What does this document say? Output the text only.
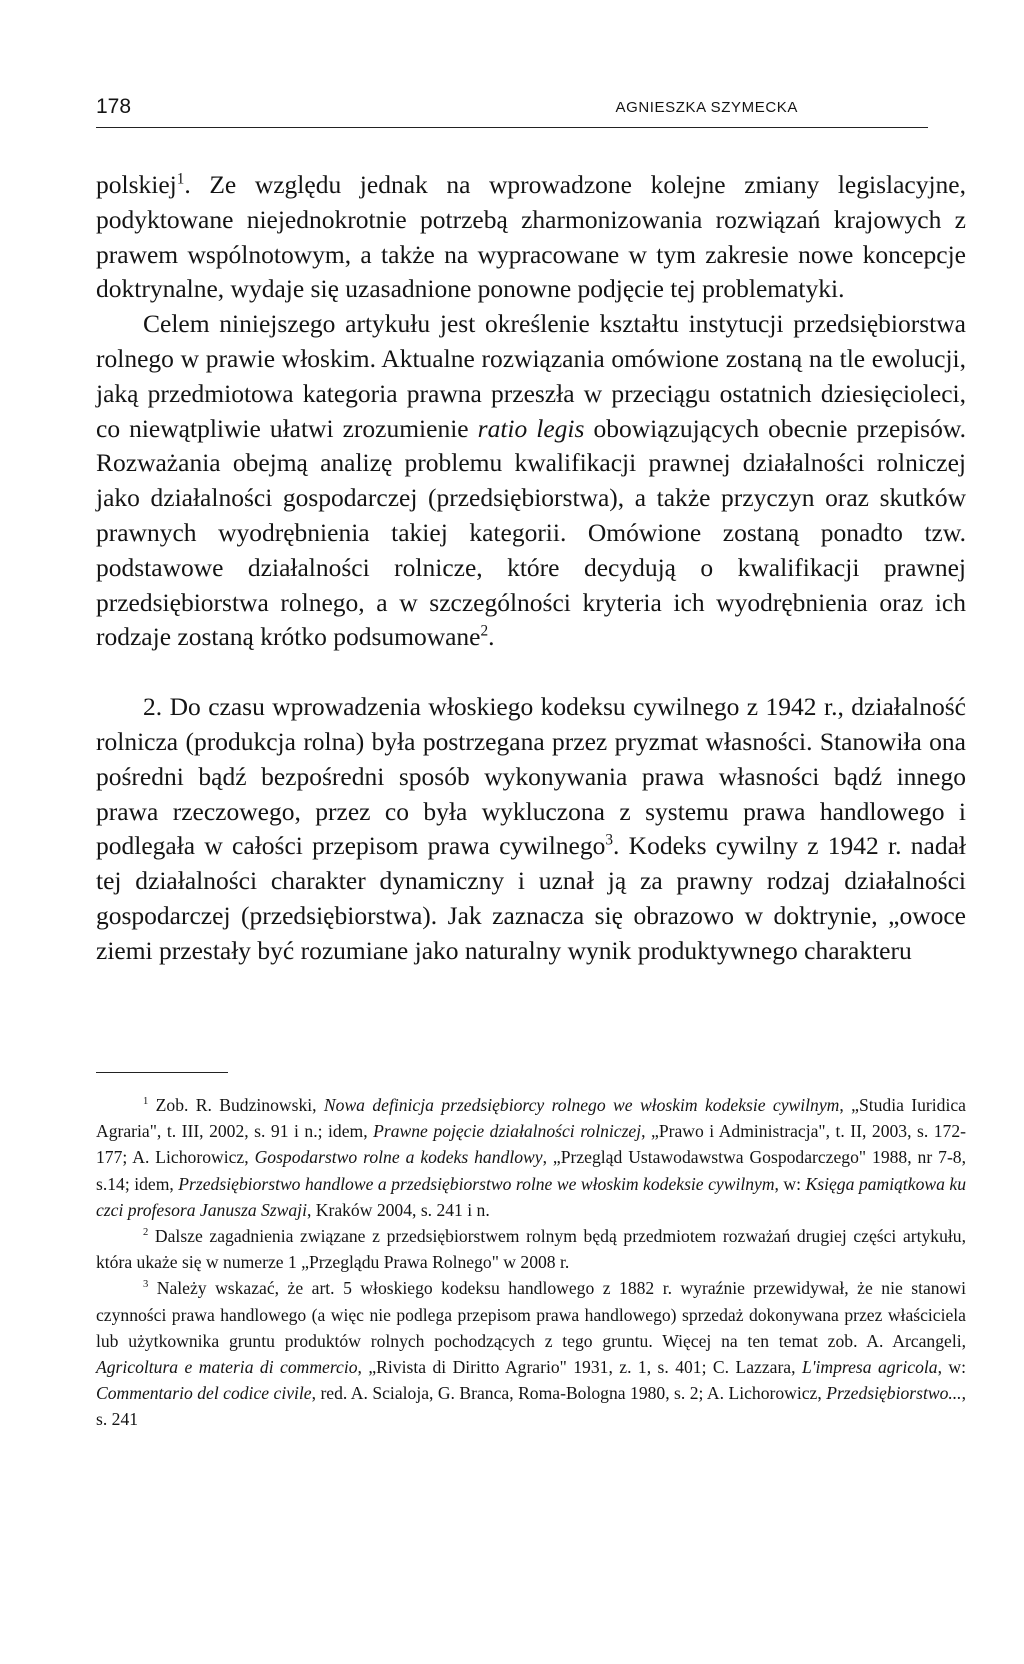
178	AGNIESZKA SZYMECKA

polskiej$^1$. Ze względu jednak na wprowadzone kolejne zmiany legislacyjne, podyktowane niejednokrotnie potrzebą zharmonizowania rozwiązań krajowych z prawem wspólnotowym, a także na wypracowane w tym zakresie nowe koncepcje doktrynalne, wydaje się uzasadnione ponowne podjęcie tej problematyki.

Celem niniejszego artykułu jest określenie kształtu instytucji przedsiębiorstwa rolnego w prawie włoskim. Aktualne rozwiązania omówione zostaną na tle ewolucji, jaką przedmiotowa kategoria prawna przeszła w przeciągu ostatnich dziesięcioleci, co niewątpliwie ułatwi zrozumienie ratio legis obowiązujących obecnie przepisów. Rozważania obejmą analizę problemu kwalifikacji prawnej działalności rolniczej jako działalności gospodarczej (przedsiębiorstwa), a także przyczyn oraz skutków prawnych wyodrębnienia takiej kategorii. Omówione zostaną ponadto tzw. podstawowe działalności rolnicze, które decydują o kwalifikacji prawnej przedsiębiorstwa rolnego, a w szczególności kryteria ich wyodrębnienia oraz ich rodzaje zostaną krótko podsumowane$^2$.

2. Do czasu wprowadzenia włoskiego kodeksu cywilnego z 1942 r., działalność rolnicza (produkcja rolna) była postrzegana przez pryzmat własności. Stanowiła ona pośredni bądź bezpośredni sposób wykonywania prawa własności bądź innego prawa rzeczowego, przez co była wykluczona z systemu prawa handlowego i podlegała w całości przepisom prawa cywilnego$^3$. Kodeks cywilny z 1942 r. nadał tej działalności charakter dynamiczny i uznał ją za prawny rodzaj działalności gospodarczej (przedsiębiorstwa). Jak zaznacza się obrazowo w doktrynie, „owoce ziemi przestały być rozumiane jako naturalny wynik produktywnego charakteru

$^1$ Zob. R. Budzinowski, Nowa definicja przedsiębiorcy rolnego we włoskim kodeksie cywilnym, „Studia Iuridica Agraria", t. III, 2002, s. 91 i n.; idem, Prawne pojęcie działalności rolniczej, „Prawo i Administracja", t. II, 2003, s. 172-177; A. Lichorowicz, Gospodarstwo rolne a kodeks handlowy, „Przegląd Ustawodawstwa Gospodarczego" 1988, nr 7-8, s.14; idem, Przedsiębiorstwo handlowe a przedsiębiorstwo rolne we włoskim kodeksie cywilnym, w: Księga pamiątkowa ku czci profesora Janusza Szwaji, Kraków 2004, s. 241 i n.

$^2$ Dalsze zagadnienia związane z przedsiębiorstwem rolnym będą przedmiotem rozważań drugiej części artykułu, która ukaże się w numerze 1 „Przeglądu Prawa Rolnego" w 2008 r.

$^3$ Należy wskazać, że art. 5 włoskiego kodeksu handlowego z 1882 r. wyraźnie przewidywał, że nie stanowi czynności prawa handlowego (a więc nie podlega przepisom prawa handlowego) sprzedaż dokonywana przez właściciela lub użytkownika gruntu produktów rolnych pochodzących z tego gruntu. Więcej na ten temat zob. A. Arcangeli, Agricoltura e materia di commercio, „Rivista di Diritto Agrario" 1931, z. 1, s. 401; C. Lazzara, L'impresa agricola, w: Commentario del codice civile, red. A. Scialoja, G. Branca, Roma-Bologna 1980, s. 2; A. Lichorowicz, Przedsiębiorstwo..., s. 241
